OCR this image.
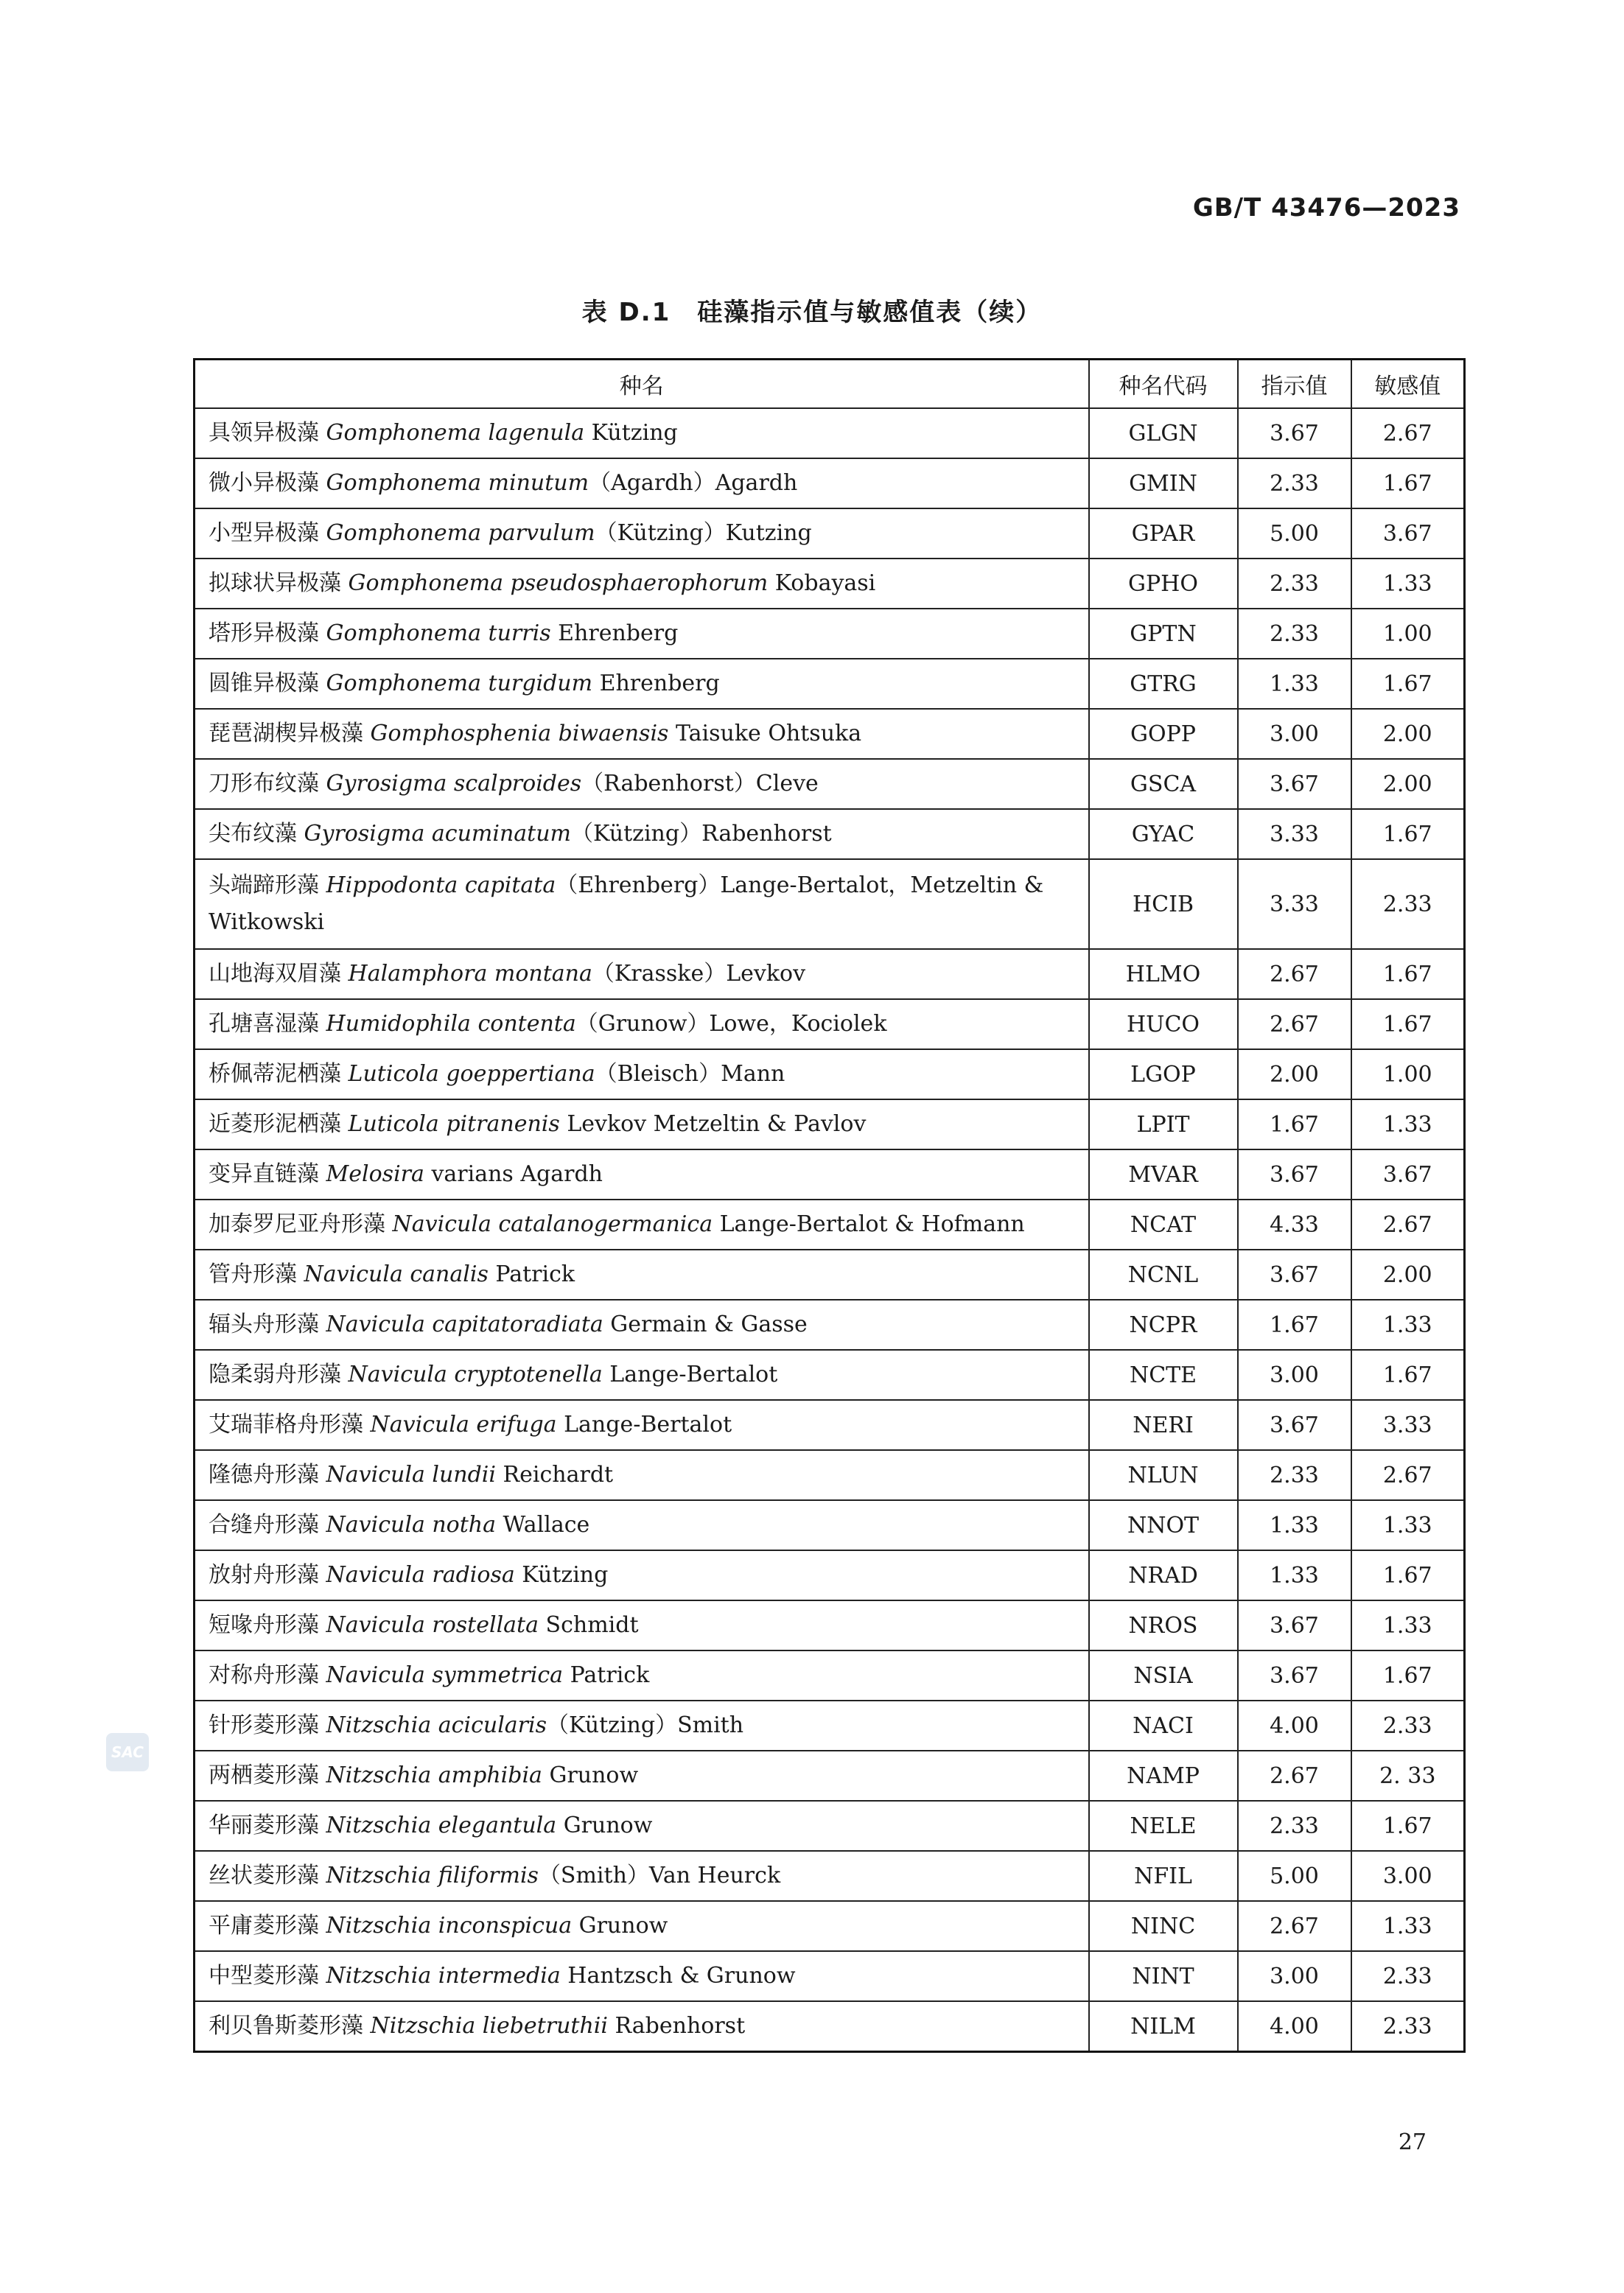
GB/T 43476—2023
表 D.1　硅藻指示值与敏感值表（续）
种名	种名代码	指示值	敏感值
具领异极藻 Gomphonema lagenula Kützing	GLGN	3.67	2.67
微小异极藻 Gomphonema minutum（Agardh）Agardh	GMIN	2.33	1.67
小型异极藻 Gomphonema parvulum（Kützing）Kutzing	GPAR	5.00	3.67
拟球状异极藻 Gomphonema pseudosphaerophorum Kobayasi	GPHO	2.33	1.33
塔形异极藻 Gomphonema turris Ehrenberg	GPTN	2.33	1.00
圆锥异极藻 Gomphonema turgidum Ehrenberg	GTRG	1.33	1.67
琵琶湖楔异极藻 Gomphosphenia biwaensis Taisuke Ohtsuka	GOPP	3.00	2.00
刀形布纹藻 Gyrosigma scalproides（Rabenhorst）Cleve	GSCA	3.67	2.00
尖布纹藻 Gyrosigma acuminatum（Kützing）Rabenhorst	GYAC	3.33	1.67
头端蹄形藻 Hippodonta capitata（Ehrenberg）Lange-Bertalot，Metzeltin & Witkowski	HCIB	3.33	2.33
山地海双眉藻 Halamphora montana（Krasske）Levkov	HLMO	2.67	1.67
孔塘喜湿藻 Humidophila contenta（Grunow）Lowe，Kociolek	HUCO	2.67	1.67
桥佩蒂泥栖藻 Luticola goeppertiana（Bleisch）Mann	LGOP	2.00	1.00
近菱形泥栖藻 Luticola pitranenis Levkov Metzeltin & Pavlov	LPIT	1.67	1.33
变异直链藻 Melosira varians Agardh	MVAR	3.67	3.67
加泰罗尼亚舟形藻 Navicula catalanogermanica Lange-Bertalot & Hofmann	NCAT	4.33	2.67
管舟形藻 Navicula canalis Patrick	NCNL	3.67	2.00
辐头舟形藻 Navicula capitatoradiata Germain & Gasse	NCPR	1.67	1.33
隐柔弱舟形藻 Navicula cryptotenella Lange-Bertalot	NCTE	3.00	1.67
艾瑞菲格舟形藻 Navicula erifuga Lange-Bertalot	NERI	3.67	3.33
隆德舟形藻 Navicula lundii Reichardt	NLUN	2.33	2.67
合缝舟形藻 Navicula notha Wallace	NNOT	1.33	1.33
放射舟形藻 Navicula radiosa Kützing	NRAD	1.33	1.67
短喙舟形藻 Navicula rostellata Schmidt	NROS	3.67	1.33
对称舟形藻 Navicula symmetrica Patrick	NSIA	3.67	1.67
针形菱形藻 Nitzschia acicularis（Kützing）Smith	NACI	4.00	2.33
两栖菱形藻 Nitzschia amphibia Grunow	NAMP	2.67	2. 33
华丽菱形藻 Nitzschia elegantula Grunow	NELE	2.33	1.67
丝状菱形藻 Nitzschia filiformis（Smith）Van Heurck	NFIL	5.00	3.00
平庸菱形藻 Nitzschia inconspicua Grunow	NINC	2.67	1.33
中型菱形藻 Nitzschia intermedia Hantzsch & Grunow	NINT	3.00	2.33
利贝鲁斯菱形藻 Nitzschia liebetruthii Rabenhorst	NILM	4.00	2.33
SAC
27
